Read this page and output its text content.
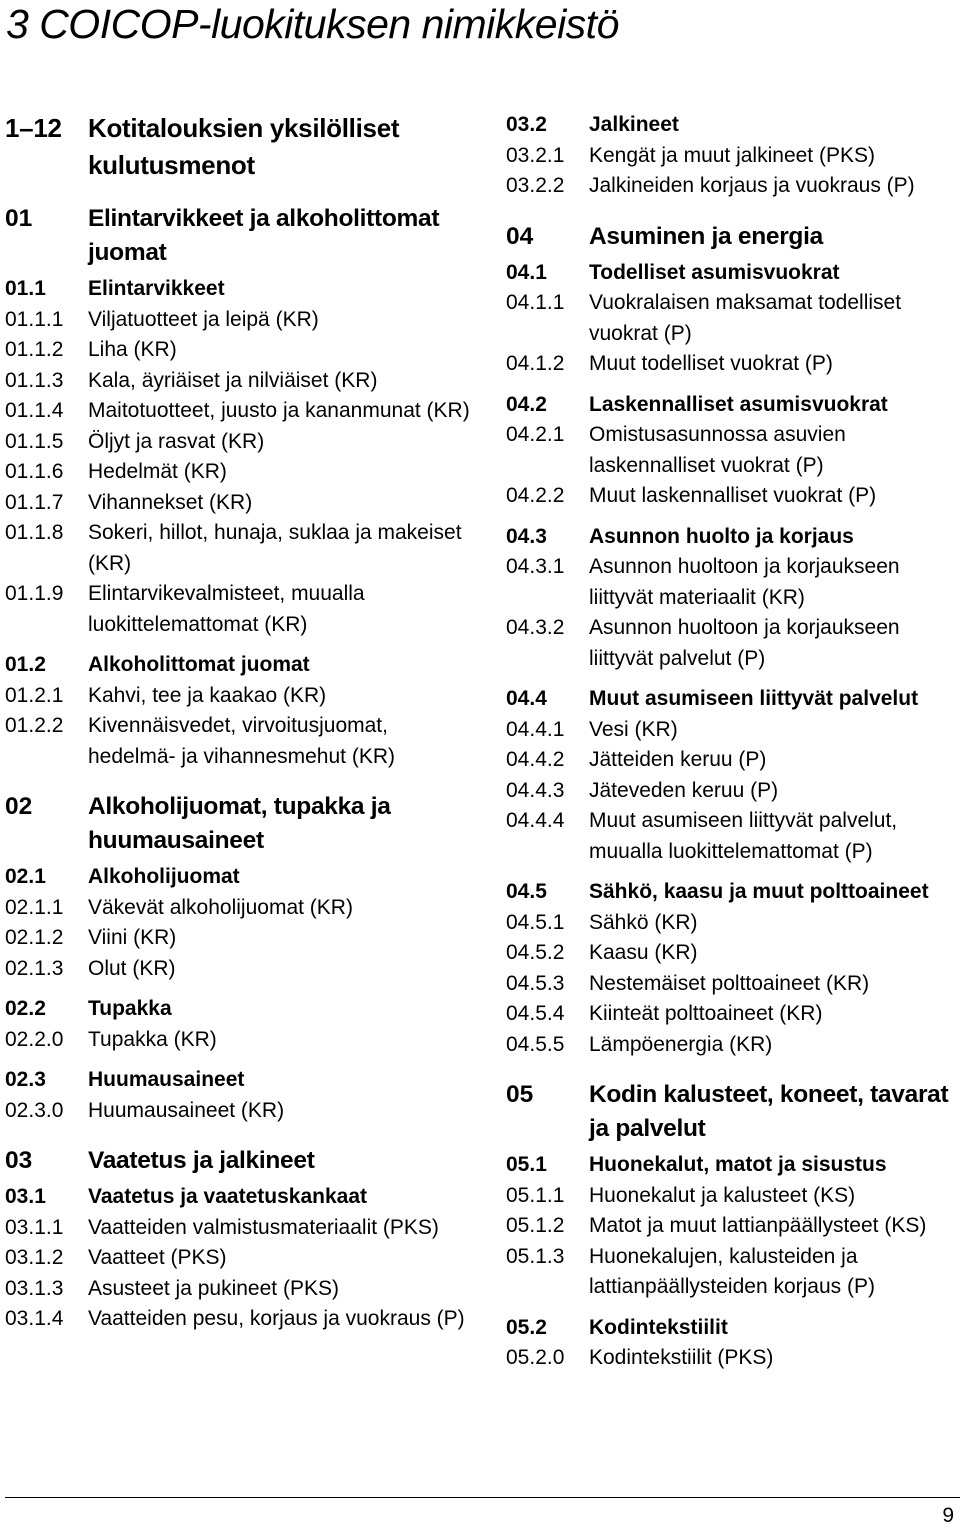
3 COICOP-luokituksen nimikkeistö
1–12	Kotitalouksien yksilölliset kulutusmenot
01	Elintarvikkeet ja alkoholittomat juomat
01.1	Elintarvikkeet
01.1.1	Viljatuotteet ja leipä (KR)
01.1.2	Liha (KR)
01.1.3	Kala, äyriäiset ja nilviäiset (KR)
01.1.4	Maitotuotteet, juusto ja kananmunat (KR)
01.1.5	Öljyt ja rasvat (KR)
01.1.6	Hedelmät (KR)
01.1.7	Vihannekset (KR)
01.1.8	Sokeri, hillot, hunaja, suklaa ja makeiset (KR)
01.1.9	Elintarvikevalmisteet, muualla luokittelemattomat (KR)
01.2	Alkoholittomat juomat
01.2.1	Kahvi, tee ja kaakao (KR)
01.2.2	Kivennäisvedet, virvoitusjuomat, hedelmä- ja vihannesmehut (KR)
02	Alkoholijuomat, tupakka ja huumausaineet
02.1	Alkoholijuomat
02.1.1	Väkevät alkoholijuomat (KR)
02.1.2	Viini (KR)
02.1.3	Olut (KR)
02.2	Tupakka
02.2.0	Tupakka (KR)
02.3	Huumausaineet
02.3.0	Huumausaineet (KR)
03	Vaatetus ja jalkineet
03.1	Vaatetus ja vaatetuskankaat
03.1.1	Vaatteiden valmistusmateriaalit (PKS)
03.1.2	Vaatteet (PKS)
03.1.3	Asusteet ja pukineet (PKS)
03.1.4	Vaatteiden pesu, korjaus ja vuokraus (P)
03.2	Jalkineet
03.2.1	Kengät ja muut jalkineet (PKS)
03.2.2	Jalkineiden korjaus ja vuokraus (P)
04	Asuminen ja energia
04.1	Todelliset asumisvuokrat
04.1.1	Vuokralaisen maksamat todelliset vuokrat (P)
04.1.2	Muut todelliset vuokrat (P)
04.2	Laskennalliset asumisvuokrat
04.2.1	Omistusasunnossa asuvien laskennalliset vuokrat (P)
04.2.2	Muut laskennalliset vuokrat (P)
04.3	Asunnon huolto ja korjaus
04.3.1	Asunnon huoltoon ja korjaukseen liittyvät materiaalit (KR)
04.3.2	Asunnon huoltoon ja korjaukseen liittyvät palvelut (P)
04.4	Muut asumiseen liittyvät palvelut
04.4.1	Vesi (KR)
04.4.2	Jätteiden keruu (P)
04.4.3	Jäteveden keruu (P)
04.4.4	Muut asumiseen liittyvät palvelut, muualla luokittelemattomat (P)
04.5	Sähkö, kaasu ja muut polttoaineet
04.5.1	Sähkö (KR)
04.5.2	Kaasu (KR)
04.5.3	Nestemäiset polttoaineet (KR)
04.5.4	Kiinteät polttoaineet (KR)
04.5.5	Lämpöenergia (KR)
05	Kodin kalusteet, koneet, tavarat ja palvelut
05.1	Huonekalut, matot ja sisustus
05.1.1	Huonekalut ja kalusteet (KS)
05.1.2	Matot ja muut lattianpäällysteet (KS)
05.1.3	Huonekalujen, kalusteiden ja lattianpäällysteiden korjaus (P)
05.2	Kodintekstiilit
05.2.0	Kodintekstiilit (PKS)
9
